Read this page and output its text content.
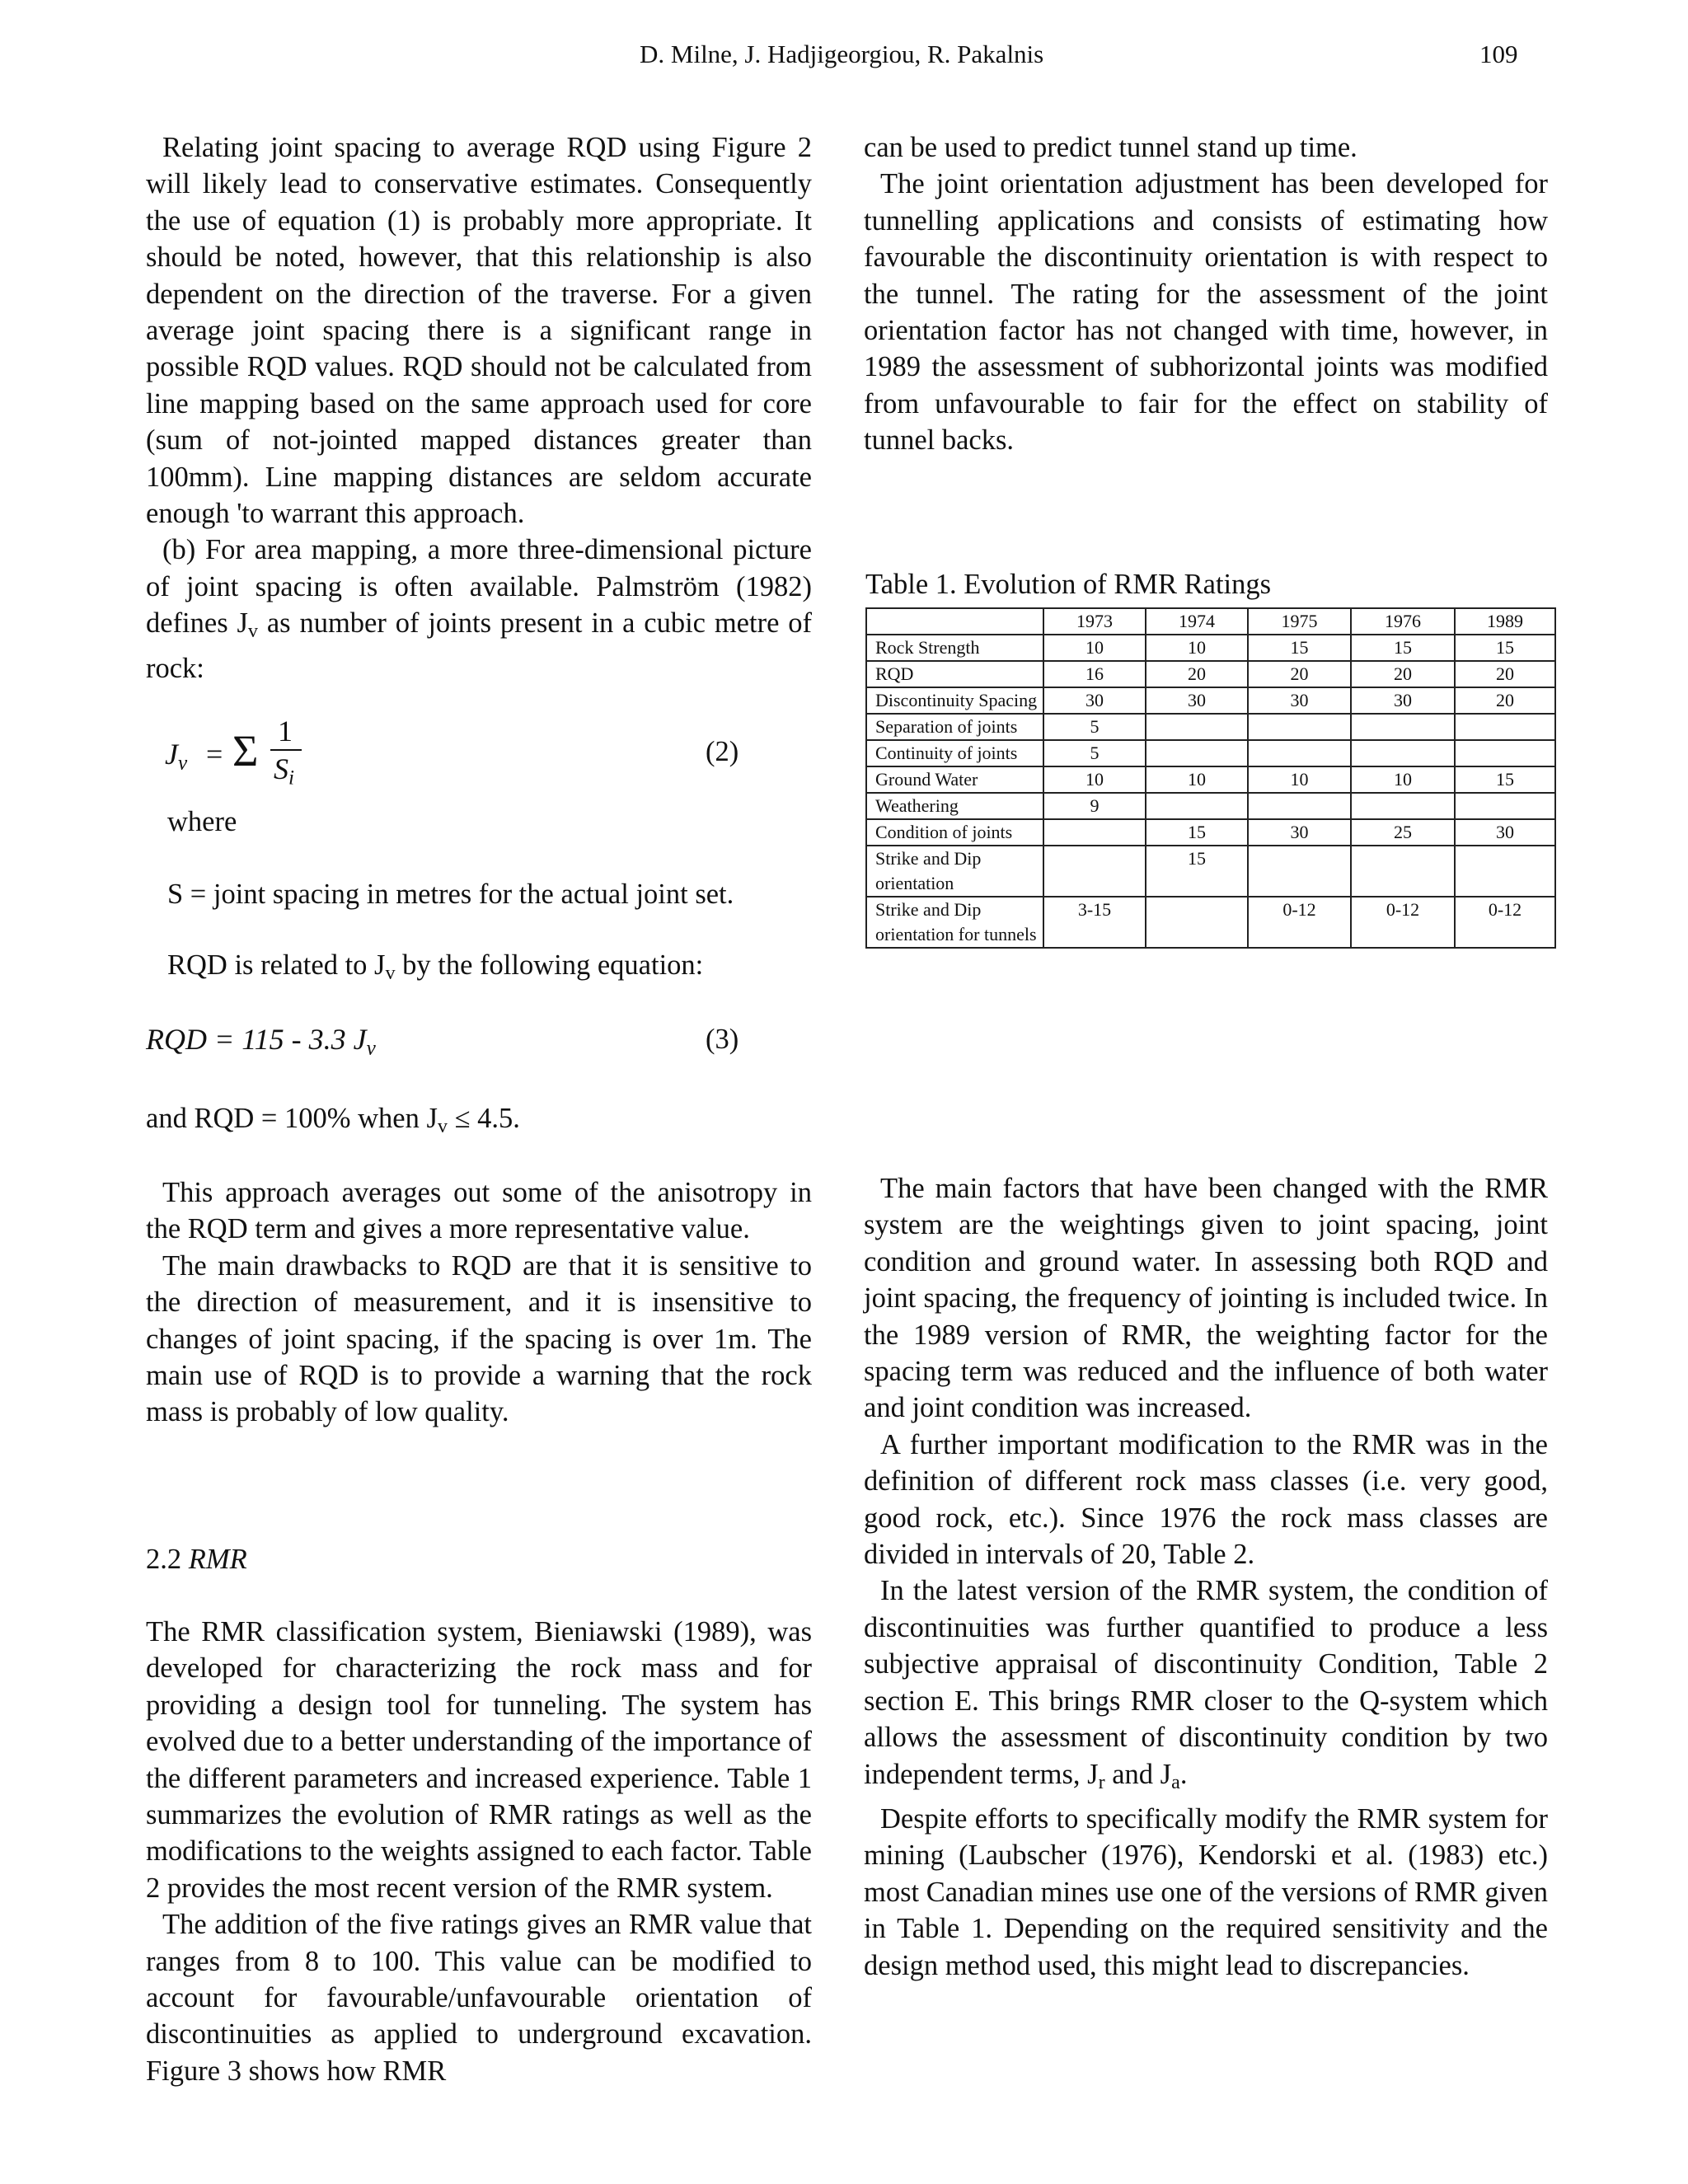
D. Milne, J. Hadjigeorgiou, R. Pakalnis	109

Relating joint spacing to average RQD using Figure 2 will likely lead to conservative estimates. Consequently the use of equation (1) is probably more appropriate. It should be noted, however, that this relationship is also dependent on the direction of the traverse. For a given average joint spacing there is a significant range in possible RQD values. RQD should not be calculated from line mapping based on the same approach used for core (sum of not-jointed mapped distances greater than 100mm). Line mapping distances are seldom accurate enough 'to warrant this approach.

(b) For area mapping, a more three-dimensional picture of joint spacing is often available. Palmström (1982) defines $J_v$ as number of joints present in a cubic metre of rock:

$J_v = \Sigma$ 1
$S_i$
(2)
where
S = joint spacing in metres for the actual joint set.
RQD is related to $J_v$ by the following equation:
RQD = 115 - 3.3 $J_v$	(3)
and RQD = 100% when $J_v \le 4.5$.

This approach averages out some of the anisotropy in the RQD term and gives a more representative value.

The main drawbacks to RQD are that it is sensitive to the direction of measurement, and it is insensitive to changes of joint spacing, if the spacing is over 1m. The main use of RQD is to provide a warning that the rock mass is probably of low quality.

2.2 RMR

The RMR classification system, Bieniawski (1989), was developed for characterizing the rock mass and for providing a design tool for tunneling. The system has evolved due to a better understanding of the importance of the different parameters and increased experience. Table 1 summarizes the evolution of RMR ratings as well as the modifications to the weights assigned to each factor. Table 2 provides the most recent version of the RMR system.

The addition of the five ratings gives an RMR value that ranges from 8 to 100. This value can be modified to account for favourable/unfavourable orientation of discontinuities as applied to underground excavation. Figure 3 shows how RMR

can be used to predict tunnel stand up time.

The joint orientation adjustment has been developed for tunnelling applications and consists of estimating how favourable the discontinuity orientation is with respect to the tunnel. The rating for the assessment of the joint orientation factor has not changed with time, however, in 1989 the assessment of subhorizontal joints was modified from unfavourable to fair for the effect on stability of tunnel backs.

Table 1. Evolution of RMR Ratings
	1973	1974	1975	1976	1989
Rock Strength	10	10	15	15	15
RQD	16	20	20	20	20
Discontinuity Spacing	30	30	30	30	20
Separation of joints	5				
Continuity of joints	5				
Ground Water	10	10	10	10	15
Weathering	9				
Condition of joints		15	30	25	30
Strike and Dip orientation		15			
Strike and Dip orientation for tunnels	3-15		0-12	0-12	0-12

The main factors that have been changed with the RMR system are the weightings given to joint spacing, joint condition and ground water. In assessing both RQD and joint spacing, the frequency of jointing is included twice. In the 1989 version of RMR, the weighting factor for the spacing term was reduced and the influence of both water and joint condition was increased.

A further important modification to the RMR was in the definition of different rock mass classes (i.e. very good, good rock, etc.). Since 1976 the rock mass classes are divided in intervals of 20, Table 2.

In the latest version of the RMR system, the condition of discontinuities was further quantified to produce a less subjective appraisal of discontinuity Condition, Table 2 section E. This brings RMR closer to the Q-system which allows the assessment of discontinuity condition by two independent terms, $J_r$ and $J_a$.

Despite efforts to specifically modify the RMR system for mining (Laubscher (1976), Kendorski et al. (1983) etc.) most Canadian mines use one of the versions of RMR given in Table 1. Depending on the required sensitivity and the design method used, this might lead to discrepancies.
